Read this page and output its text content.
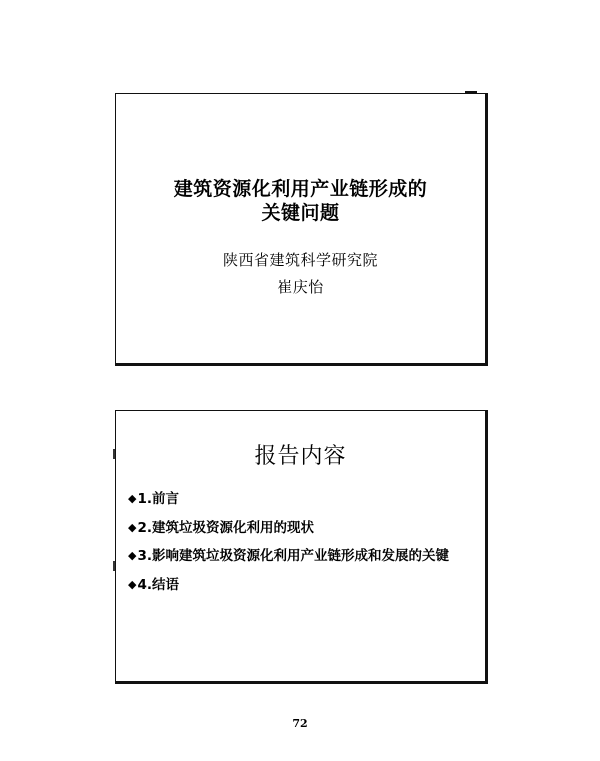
建筑资源化利用产业链形成的
关键问题
陕西省建筑科学研究院
崔庆怡
报告内容
◆1.前言
◆2.建筑垃圾资源化利用的现状
◆3.影响建筑垃圾资源化利用产业链形成和发展的关键
◆4.结语
72
